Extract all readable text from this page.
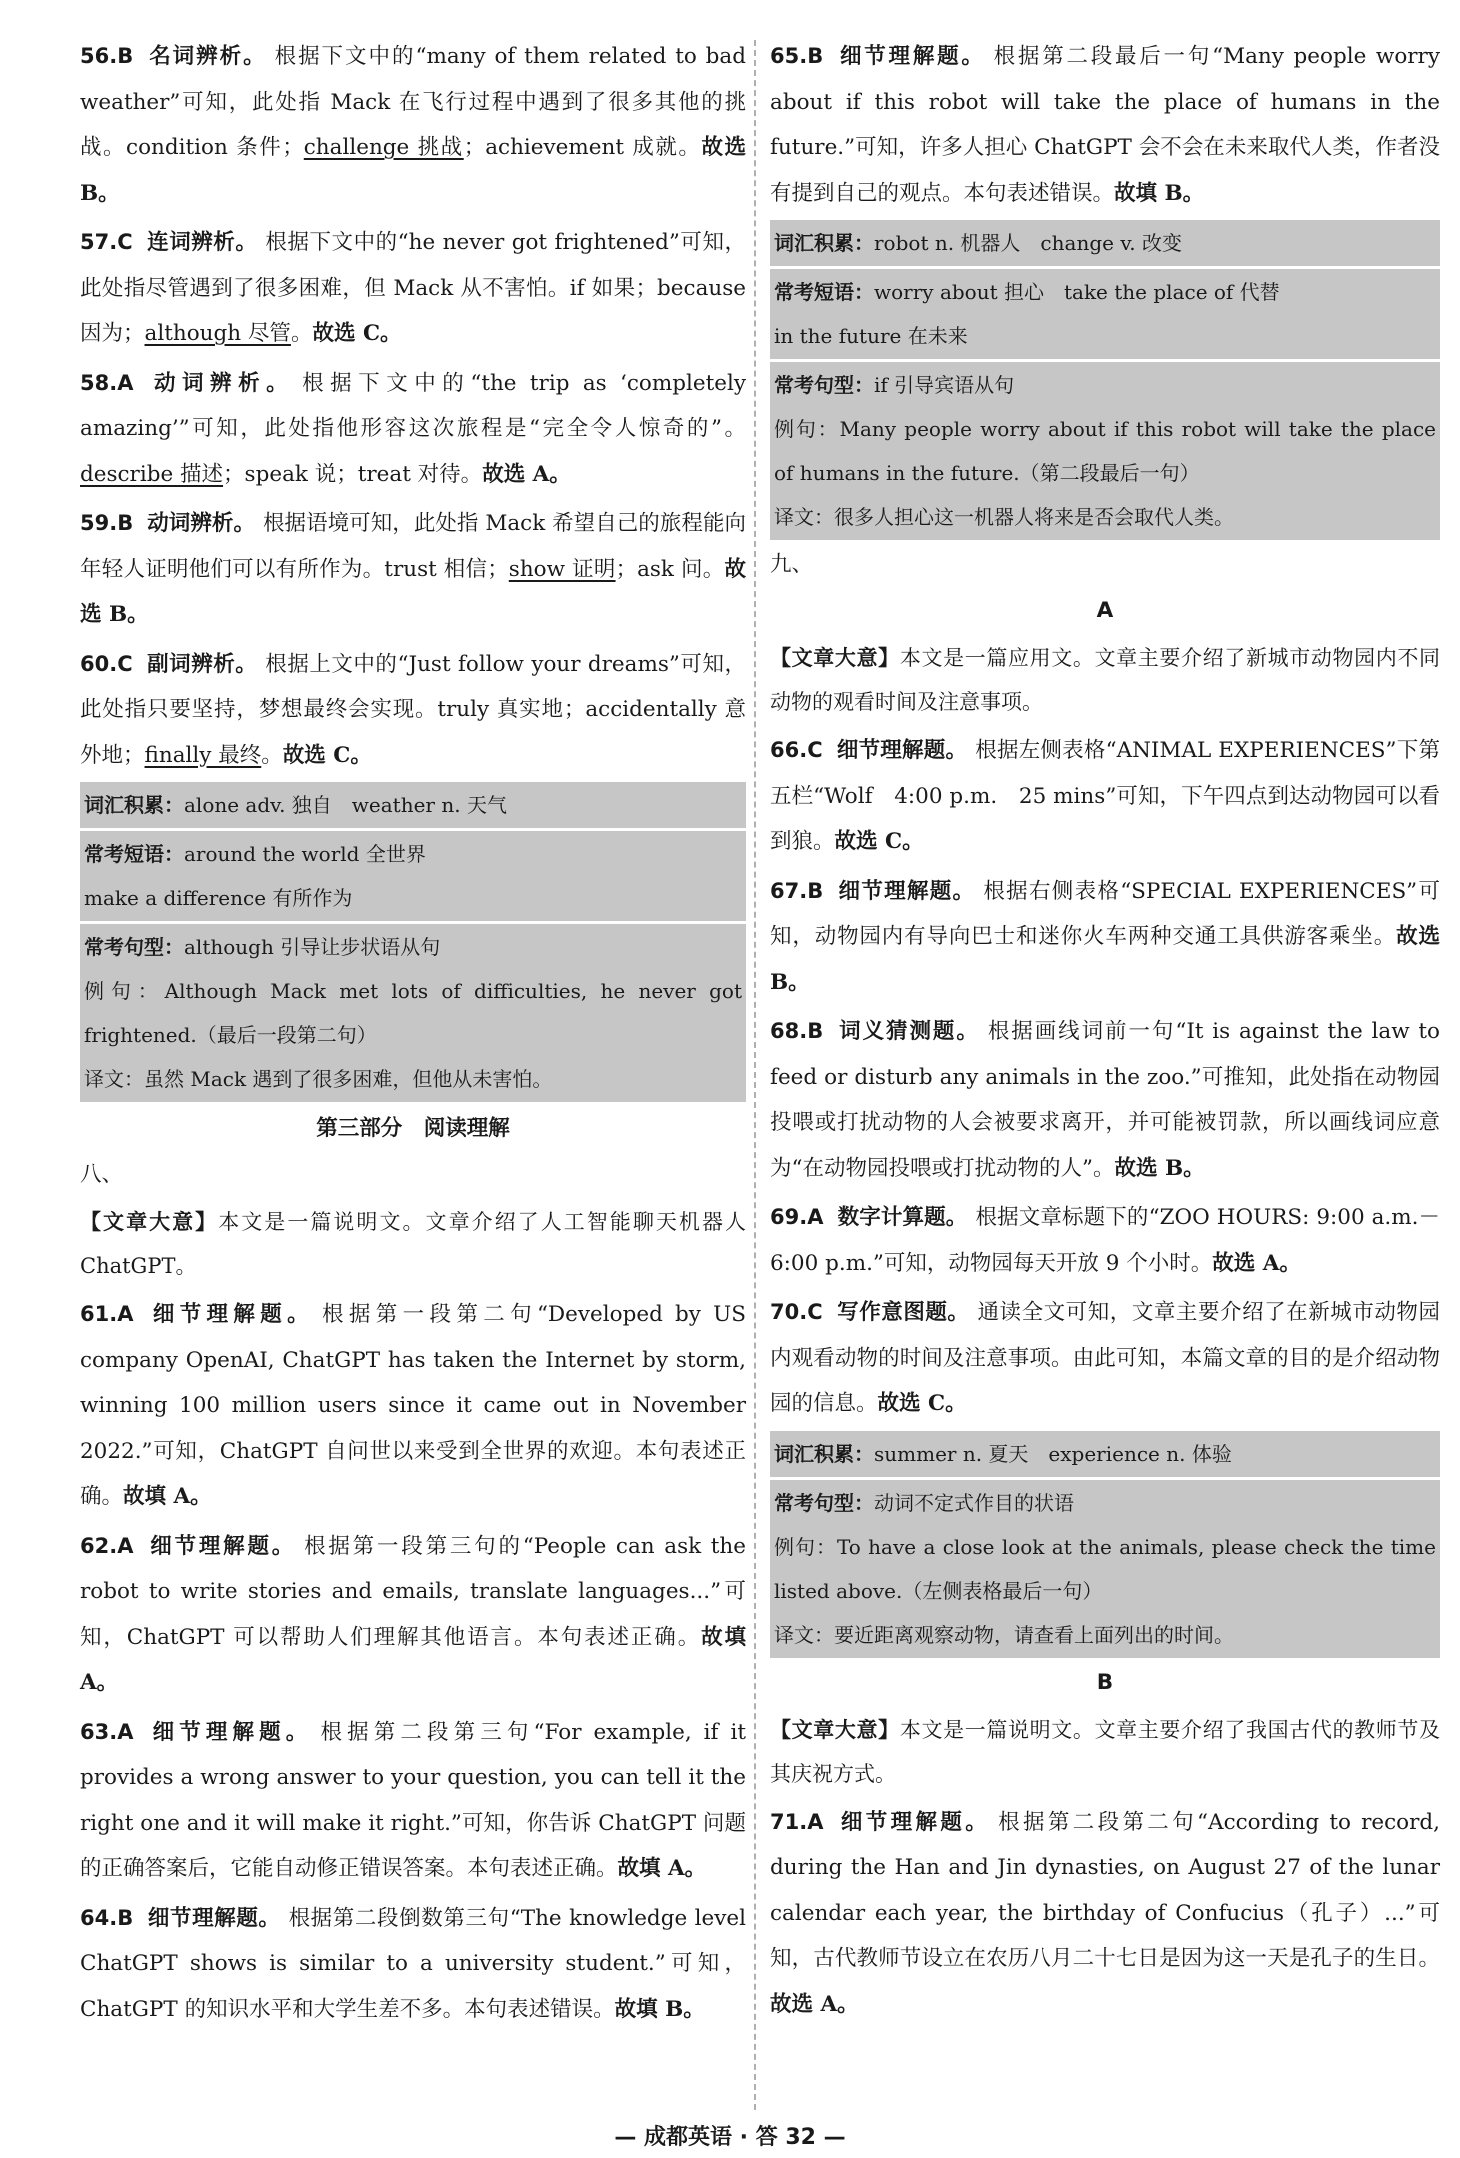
56.B 名词辨析。 根据下文中的“many of them related to bad weather”可知，此处指 Mack 在飞行过程中遇到了很多其他的挑战。condition 条件；challenge 挑战；achievement 成就。故选 B。

57.C 连词辨析。 根据下文中的“he never got frightened”可知，此处指尽管遇到了很多困难，但 Mack 从不害怕。if 如果；because 因为；although 尽管。故选 C。

58.A 动词辨析。 根据下文中的“the trip as ‘completely amazing’”可知，此处指他形容这次旅程是“完全令人惊奇的”。describe 描述；speak 说；treat 对待。故选 A。

59.B 动词辨析。 根据语境可知，此处指 Mack 希望自己的旅程能向年轻人证明他们可以有所作为。trust 相信；show 证明；ask 问。故选 B。

60.C 副词辨析。 根据上文中的“Just follow your dreams”可知，此处指只要坚持，梦想最终会实现。truly 真实地；accidentally 意外地；finally 最终。故选 C。

词汇积累：alone adv. 独自　weather n. 天气
常考短语：around the world 全世界
make a difference 有所作为
常考句型：although 引导让步状语从句
例句：Although Mack met lots of difficulties, he never got frightened.（最后一段第二句）
译文：虽然 Mack 遇到了很多困难，但他从未害怕。
第三部分　阅读理解
八、

【文章大意】本文是一篇说明文。文章介绍了人工智能聊天机器人 ChatGPT。

61.A 细节理解题。 根据第一段第二句“Developed by US company OpenAI, ChatGPT has taken the Internet by storm, winning 100 million users since it came out in November 2022.”可知，ChatGPT 自问世以来受到全世界的欢迎。本句表述正确。故填 A。

62.A 细节理解题。 根据第一段第三句的“People can ask the robot to write stories and emails, translate languages...”可知，ChatGPT 可以帮助人们理解其他语言。本句表述正确。故填 A。

63.A 细节理解题。 根据第二段第三句“For example, if it provides a wrong answer to your question, you can tell it the right one and it will make it right.”可知，你告诉 ChatGPT 问题的正确答案后，它能自动修正错误答案。本句表述正确。故填 A。

64.B 细节理解题。 根据第二段倒数第三句“The knowledge level ChatGPT shows is similar to a university student.”可知，ChatGPT 的知识水平和大学生差不多。本句表述错误。故填 B。

65.B 细节理解题。 根据第二段最后一句“Many people worry about if this robot will take the place of humans in the future.”可知，许多人担心 ChatGPT 会不会在未来取代人类，作者没有提到自己的观点。本句表述错误。故填 B。

词汇积累：robot n. 机器人　change v. 改变
常考短语：worry about 担心　take the place of 代替
in the future 在未来
常考句型：if 引导宾语从句
例句：Many people worry about if this robot will take the place of humans in the future.（第二段最后一句）
译文：很多人担心这一机器人将来是否会取代人类。
九、
A

【文章大意】本文是一篇应用文。文章主要介绍了新城市动物园内不同动物的观看时间及注意事项。

66.C 细节理解题。 根据左侧表格“ANIMAL EXPERIENCES”下第五栏“Wolf　4:00 p.m.　25 mins”可知，下午四点到达动物园可以看到狼。故选 C。

67.B 细节理解题。 根据右侧表格“SPECIAL EXPERIENCES”可知，动物园内有导向巴士和迷你火车两种交通工具供游客乘坐。故选 B。

68.B 词义猜测题。 根据画线词前一句“It is against the law to feed or disturb any animals in the zoo.”可推知，此处指在动物园投喂或打扰动物的人会被要求离开，并可能被罚款，所以画线词应意为“在动物园投喂或打扰动物的人”。故选 B。

69.A 数字计算题。 根据文章标题下的“ZOO HOURS: 9:00 a.m.－6:00 p.m.”可知，动物园每天开放 9 个小时。故选 A。

70.C 写作意图题。 通读全文可知，文章主要介绍了在新城市动物园内观看动物的时间及注意事项。由此可知，本篇文章的目的是介绍动物园的信息。故选 C。

词汇积累：summer n. 夏天　experience n. 体验
常考句型：动词不定式作目的状语
例句：To have a close look at the animals, please check the time listed above.（左侧表格最后一句）
译文：要近距离观察动物，请查看上面列出的时间。
B

【文章大意】本文是一篇说明文。文章主要介绍了我国古代的教师节及其庆祝方式。

71.A 细节理解题。 根据第二段第二句“According to record, during the Han and Jin dynasties, on August 27 of the lunar calendar each year, the birthday of Confucius（孔子）...”可知，古代教师节设立在农历八月二十七日是因为这一天是孔子的生日。故选 A。

— 成都英语 · 答 32 —
